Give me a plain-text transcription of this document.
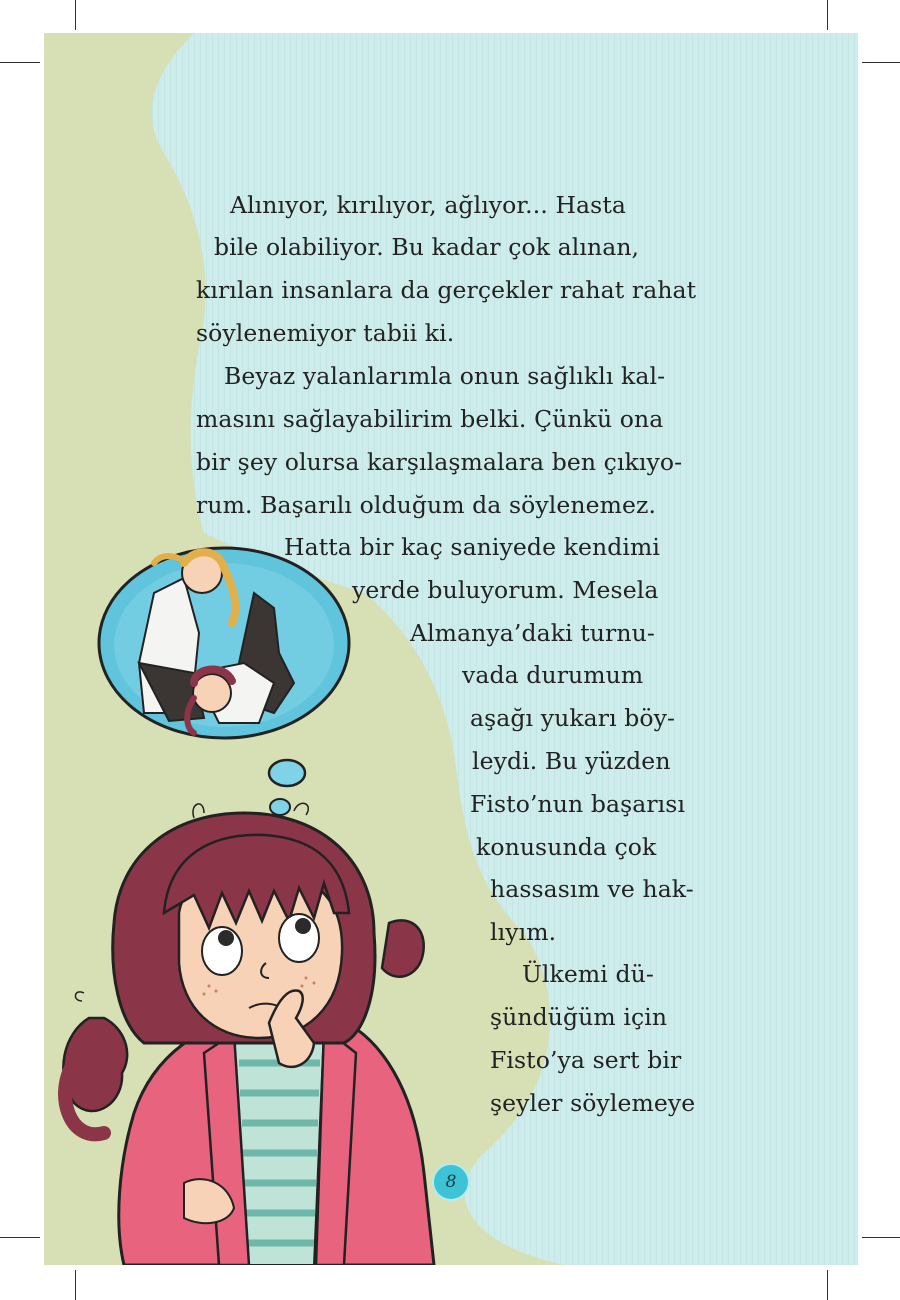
Alınıyor, kırılıyor, ağlıyor... Hasta
bile olabiliyor. Bu kadar çok alınan,
kırılan insanlara da gerçekler rahat rahat
söylenemiyor tabii ki.
Beyaz yalanlarımla onun sağlıklı kal-
masını sağlayabilirim belki. Çünkü ona
bir şey olursa karşılaşmalara ben çıkıyo-
rum. Başarılı olduğum da söylenemez.
Hatta bir kaç saniyede kendimi
yerde buluyorum. Mesela
Almanya’daki turnu-
vada durumum
aşağı yukarı böy-
leydi. Bu yüzden
Fisto’nun başarısı
konusunda çok
hassasım ve hak-
lıyım.
Ülkemi dü-
şündüğüm için
Fisto’ya sert bir
şeyler söylemeye
8
